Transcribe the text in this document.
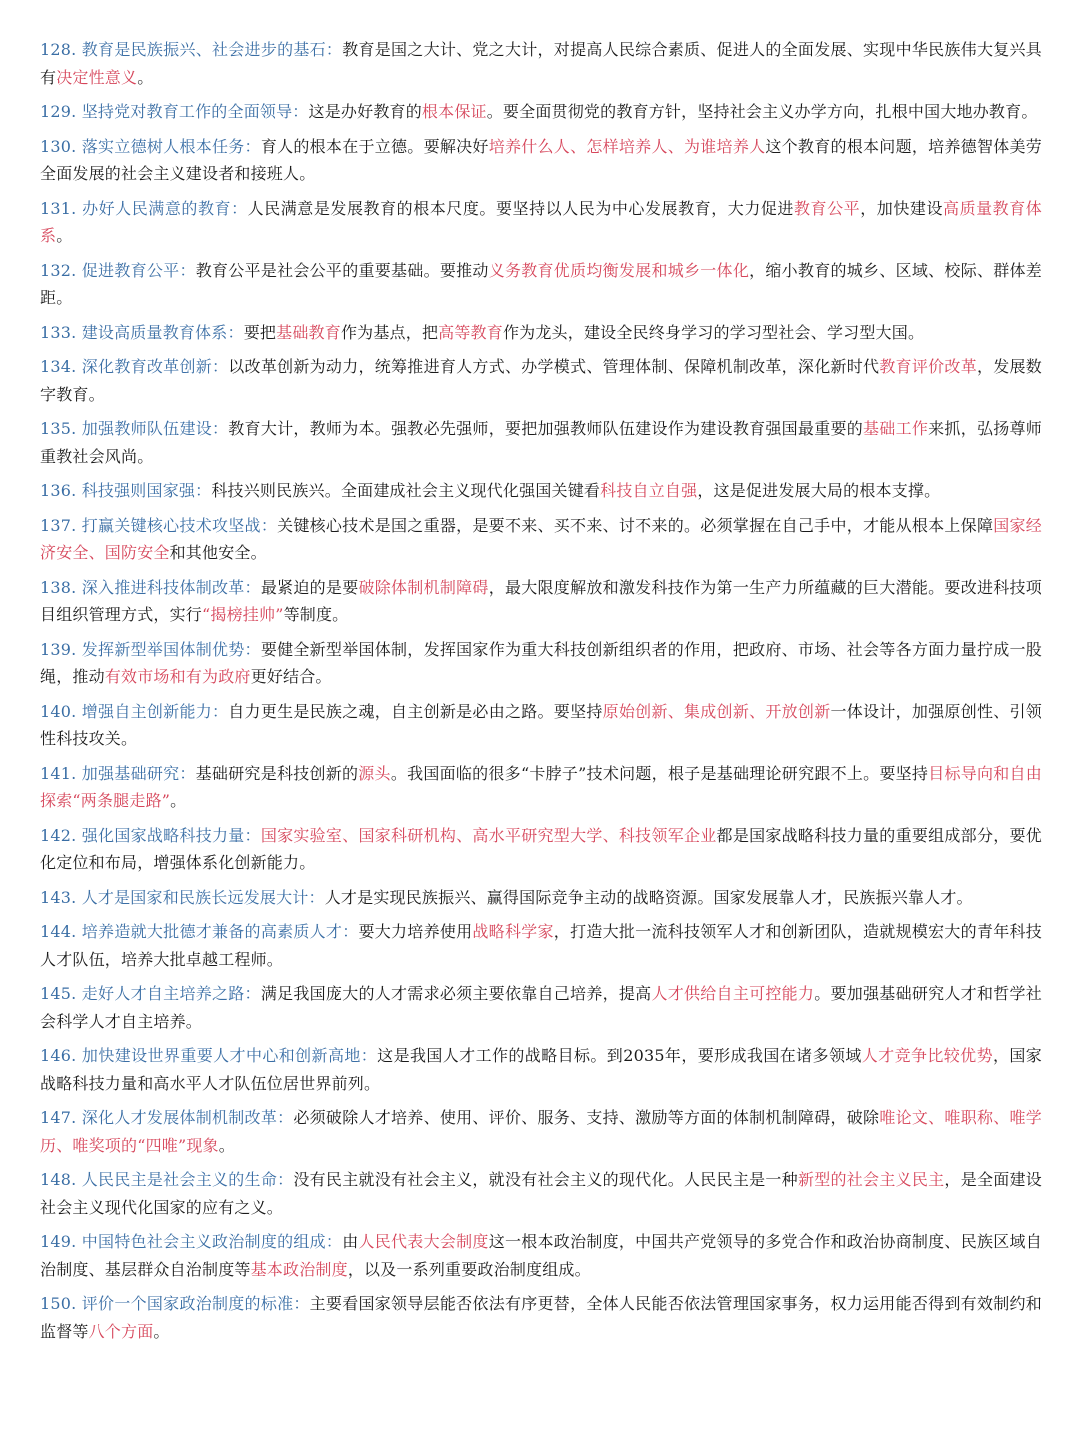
128. 教育是民族振兴、社会进步的基石：教育是国之大计、党之大计，对提高人民综合素质、促进人的全面发展、实现中华民族伟大复兴具有决定性意义。

129. 坚持党对教育工作的全面领导：这是办好教育的根本保证。要全面贯彻党的教育方针，坚持社会主义办学方向，扎根中国大地办教育。

130. 落实立德树人根本任务：育人的根本在于立德。要解决好培养什么人、怎样培养人、为谁培养人这个教育的根本问题，培养德智体美劳全面发展的社会主义建设者和接班人。

131. 办好人民满意的教育：人民满意是发展教育的根本尺度。要坚持以人民为中心发展教育，大力促进教育公平，加快建设高质量教育体系。

132. 促进教育公平：教育公平是社会公平的重要基础。要推动义务教育优质均衡发展和城乡一体化，缩小教育的城乡、区域、校际、群体差距。

133. 建设高质量教育体系：要把基础教育作为基点，把高等教育作为龙头，建设全民终身学习的学习型社会、学习型大国。

134. 深化教育改革创新：以改革创新为动力，统筹推进育人方式、办学模式、管理体制、保障机制改革，深化新时代教育评价改革，发展数字教育。

135. 加强教师队伍建设：教育大计，教师为本。强教必先强师，要把加强教师队伍建设作为建设教育强国最重要的基础工作来抓，弘扬尊师重教社会风尚。

136. 科技强则国家强：科技兴则民族兴。全面建成社会主义现代化强国关键看科技自立自强，这是促进发展大局的根本支撑。

137. 打赢关键核心技术攻坚战：关键核心技术是国之重器，是要不来、买不来、讨不来的。必须掌握在自己手中，才能从根本上保障国家经济安全、国防安全和其他安全。

138. 深入推进科技体制改革：最紧迫的是要破除体制机制障碍，最大限度解放和激发科技作为第一生产力所蕴藏的巨大潜能。要改进科技项目组织管理方式，实行“揭榜挂帅”等制度。

139. 发挥新型举国体制优势：要健全新型举国体制，发挥国家作为重大科技创新组织者的作用，把政府、市场、社会等各方面力量拧成一股绳，推动有效市场和有为政府更好结合。

140. 增强自主创新能力：自力更生是民族之魂，自主创新是必由之路。要坚持原始创新、集成创新、开放创新一体设计，加强原创性、引领性科技攻关。

141. 加强基础研究：基础研究是科技创新的源头。我国面临的很多“卡脖子”技术问题，根子是基础理论研究跟不上。要坚持目标导向和自由探索“两条腿走路”。

142. 强化国家战略科技力量：国家实验室、国家科研机构、高水平研究型大学、科技领军企业都是国家战略科技力量的重要组成部分，要优化定位和布局，增强体系化创新能力。

143. 人才是国家和民族长远发展大计：人才是实现民族振兴、赢得国际竞争主动的战略资源。国家发展靠人才，民族振兴靠人才。

144. 培养造就大批德才兼备的高素质人才：要大力培养使用战略科学家，打造大批一流科技领军人才和创新团队，造就规模宏大的青年科技人才队伍，培养大批卓越工程师。

145. 走好人才自主培养之路：满足我国庞大的人才需求必须主要依靠自己培养，提高人才供给自主可控能力。要加强基础研究人才和哲学社会科学人才自主培养。

146. 加快建设世界重要人才中心和创新高地：这是我国人才工作的战略目标。到2035年，要形成我国在诸多领域人才竞争比较优势，国家战略科技力量和高水平人才队伍位居世界前列。

147. 深化人才发展体制机制改革：必须破除人才培养、使用、评价、服务、支持、激励等方面的体制机制障碍，破除唯论文、唯职称、唯学历、唯奖项的“四唯”现象。

148. 人民民主是社会主义的生命：没有民主就没有社会主义，就没有社会主义的现代化。人民民主是一种新型的社会主义民主，是全面建设社会主义现代化国家的应有之义。

149. 中国特色社会主义政治制度的组成：由人民代表大会制度这一根本政治制度，中国共产党领导的多党合作和政治协商制度、民族区域自治制度、基层群众自治制度等基本政治制度，以及一系列重要政治制度组成。

150. 评价一个国家政治制度的标准：主要看国家领导层能否依法有序更替，全体人民能否依法管理国家事务，权力运用能否得到有效制约和监督等八个方面。
